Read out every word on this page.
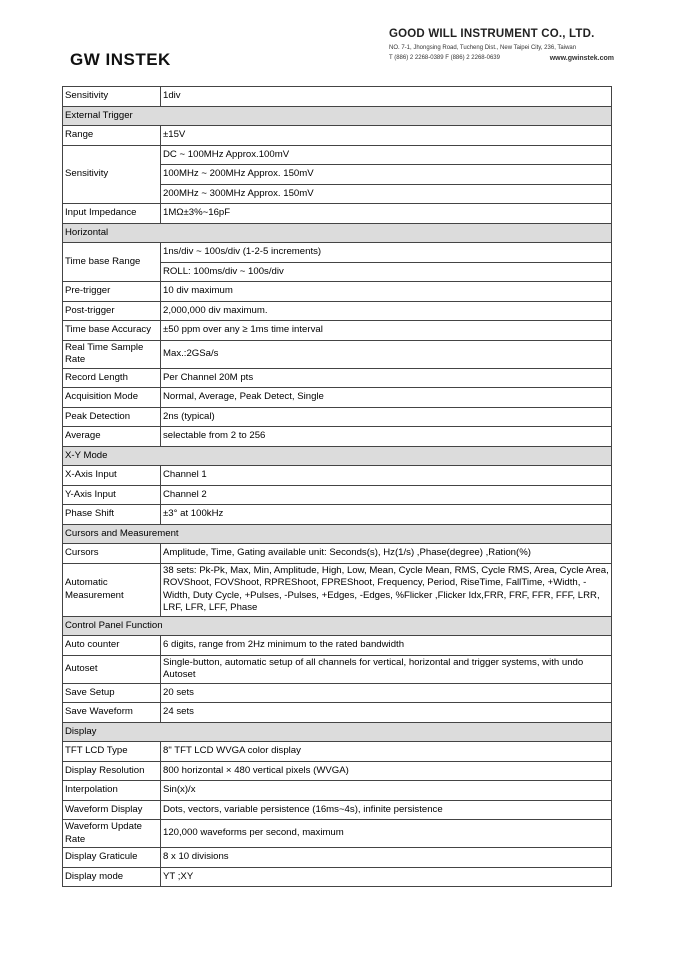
GW INSTEK
GOOD WILL INSTRUMENT CO., LTD.
NO. 7-1, Jhongsing Road, Tucheng Dist., New Taipei City, 236, Taiwan
T (886) 2 2268-0389 F (886) 2 2268-0639	www.gwinstek.com
Sensitivity	1div
External Trigger	
Range	±15V
Sensitivity	DC ~ 100MHz Approx.100mV
	100MHz ~ 200MHz Approx. 150mV
	200MHz ~ 300MHz Approx. 150mV
Input Impedance	1MΩ±3%~16pF
Horizontal	
Time base Range	1ns/div ~ 100s/div (1-2-5 increments)
	ROLL: 100ms/div ~ 100s/div
Pre-trigger	10 div maximum
Post-trigger	2,000,000 div maximum.
Time base Accuracy	±50 ppm over any ≥ 1ms time interval
Real Time Sample Rate	Max.:2GSa/s
Record Length	Per Channel 20M pts
Acquisition Mode	Normal, Average, Peak Detect, Single
Peak Detection	2ns (typical)
Average	selectable from 2 to 256
X-Y Mode	
X-Axis Input	Channel 1
Y-Axis Input	Channel 2
Phase Shift	±3° at 100kHz
Cursors and Measurement	
Cursors	Amplitude, Time, Gating available unit: Seconds(s), Hz(1/s) ,Phase(degree) ,Ration(%)
Automatic Measurement	38 sets: Pk-Pk, Max, Min, Amplitude, High, Low, Mean, Cycle Mean, RMS, Cycle RMS, Area, Cycle Area, ROVShoot, FOVShoot, RPREShoot, FPREShoot, Frequency, Period, RiseTime, FallTime, +Width, -Width, Duty Cycle, +Pulses, -Pulses, +Edges, -Edges, %Flicker ,Flicker Idx,FRR, FRF, FFR, FFF, LRR, LRF, LFR, LFF, Phase
Control Panel Function	
Auto counter	6 digits, range from 2Hz minimum to the rated bandwidth
Autoset	Single-button, automatic setup of all channels for vertical, horizontal and trigger systems, with undo Autoset
Save Setup	20 sets
Save Waveform	24 sets
Display	
TFT LCD Type	8" TFT LCD WVGA color display
Display Resolution	800 horizontal × 480 vertical pixels (WVGA)
Interpolation	Sin(x)/x
Waveform Display	Dots, vectors, variable persistence (16ms~4s), infinite persistence
Waveform Update Rate	120,000 waveforms per second, maximum
Display Graticule	8 x 10 divisions
Display mode	YT ;XY
